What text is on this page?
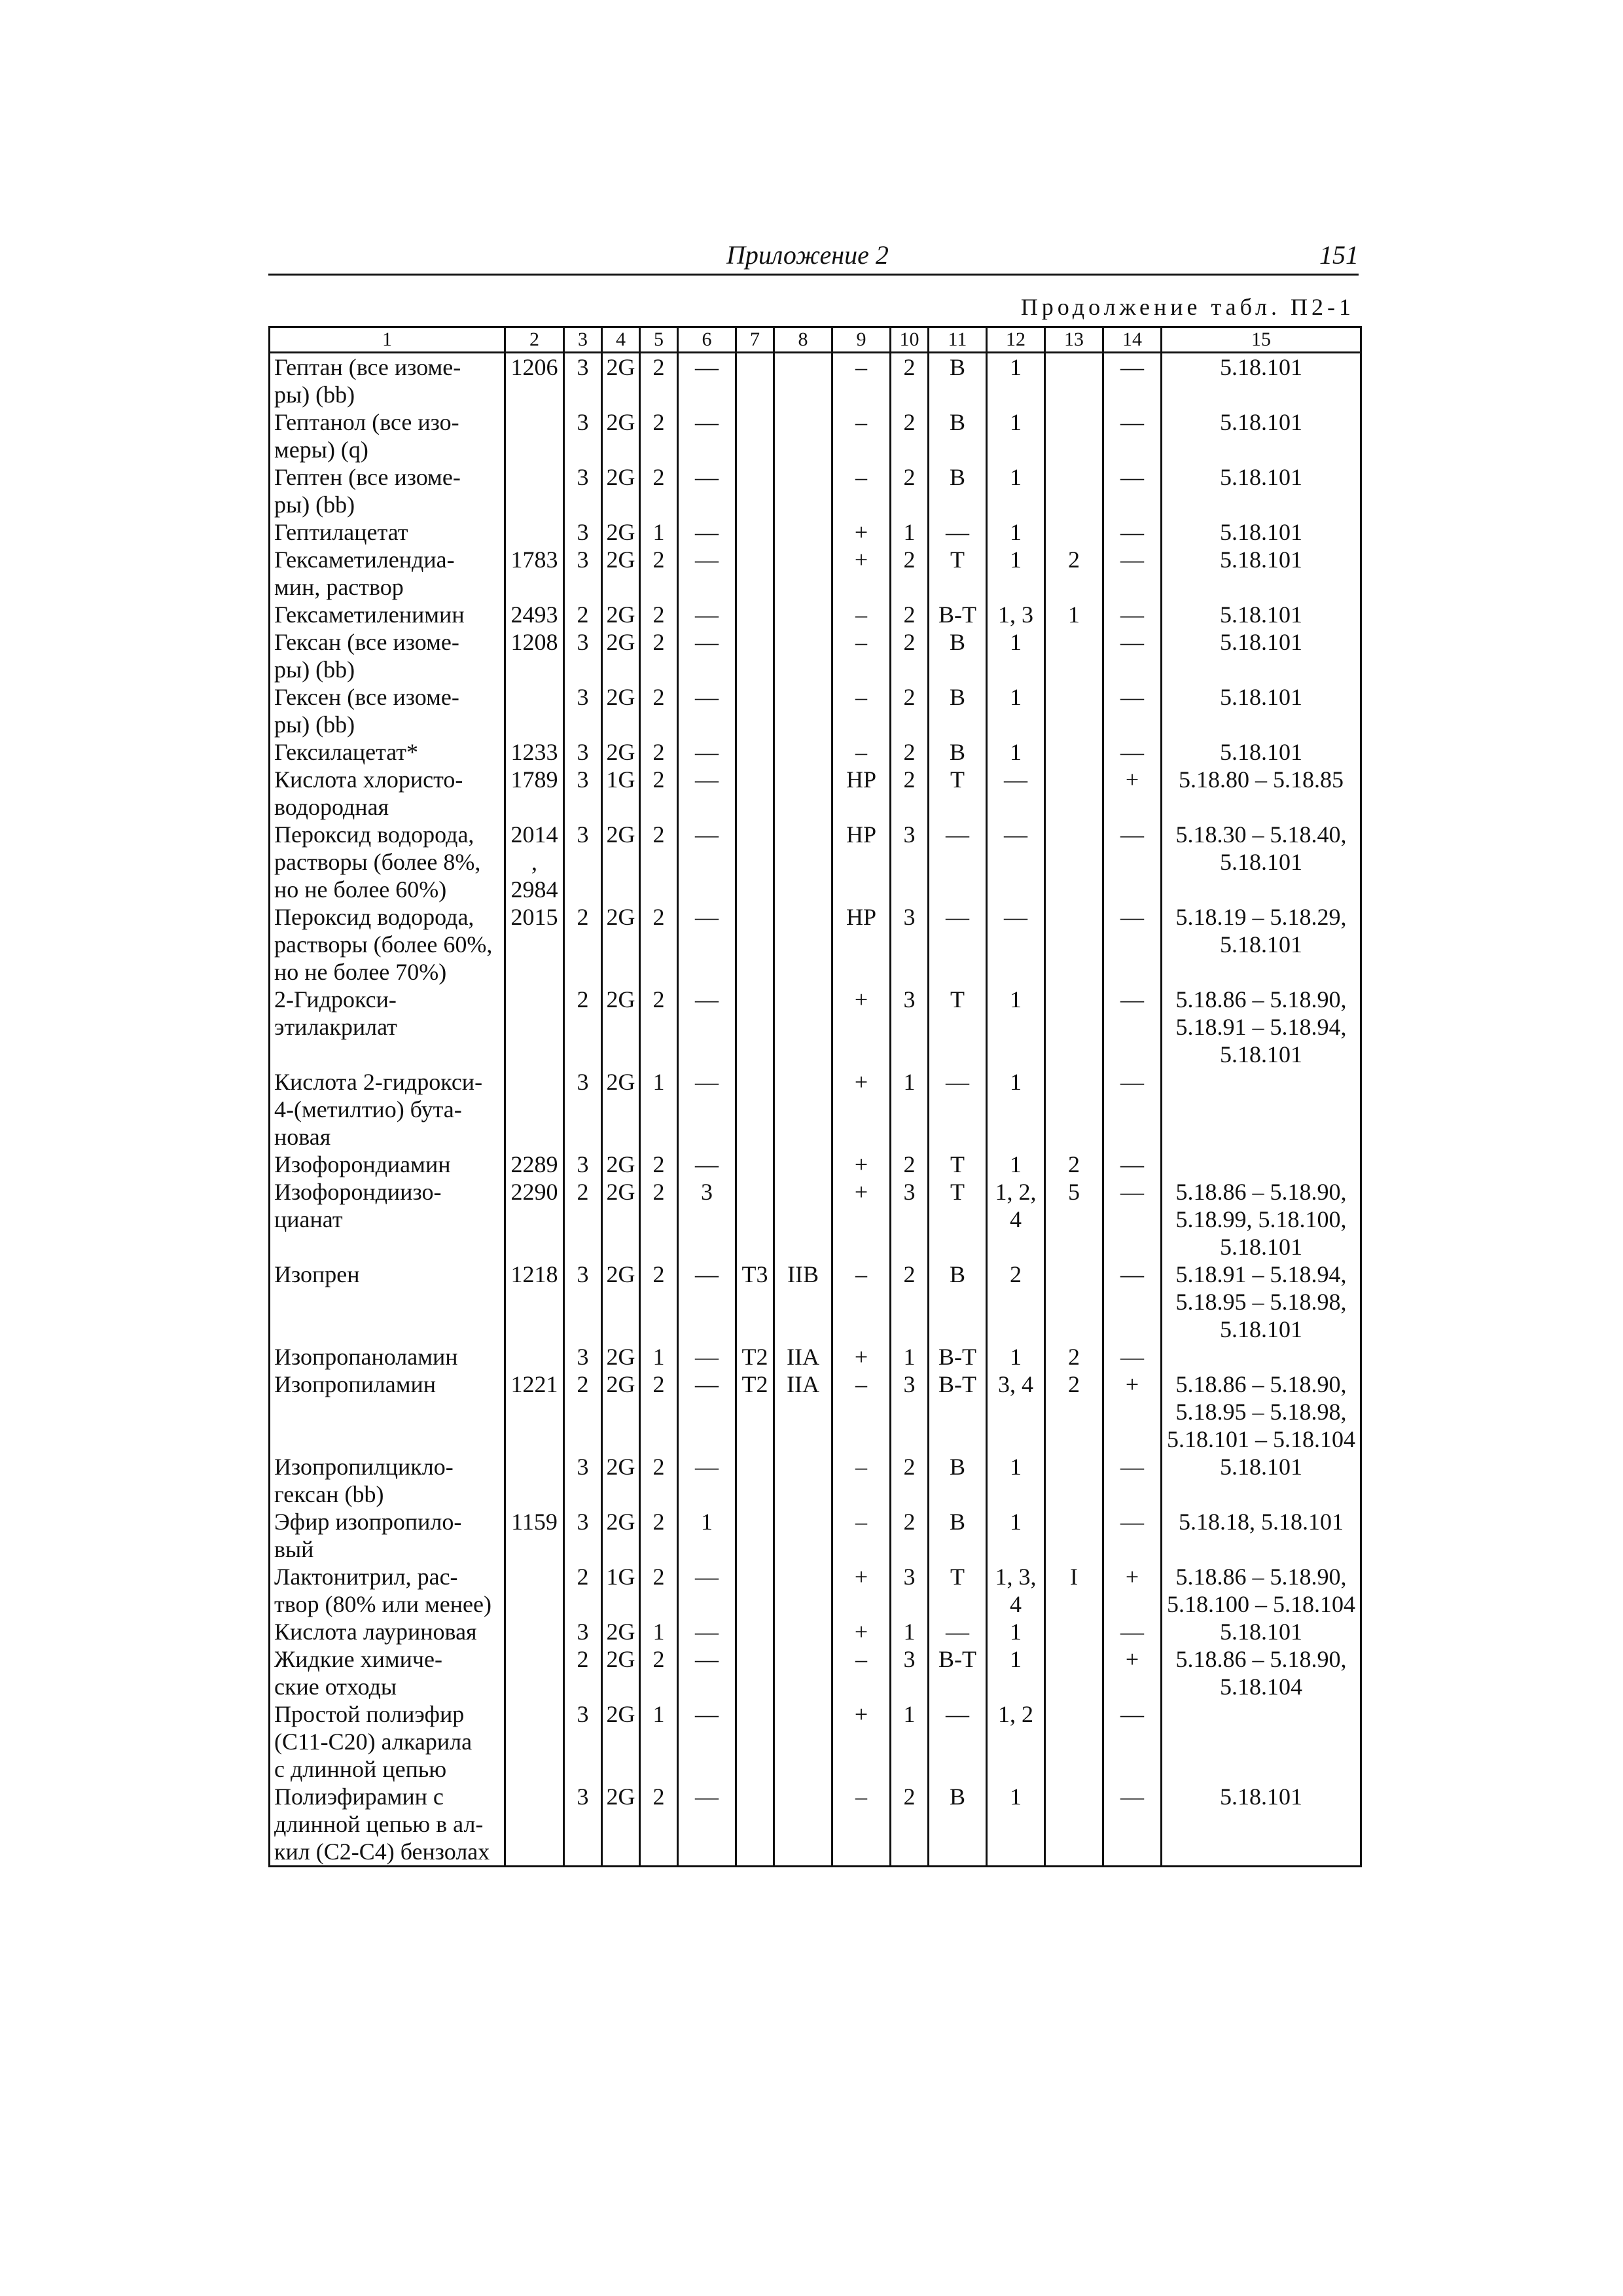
Приложение 2	151
Продолжение табл. П2-1
1	2	3	4	5	6	7	8	9	10	11	12	13	14	15
Гептан (все изоме-
ры) (bb)	1206	3	2G	2	—			–	2	В	1		—	5.18.101
Гептанол (все изо-
меры) (q)		3	2G	2	—			–	2	В	1		—	5.18.101
Гептен (все изоме-
ры) (bb)		3	2G	2	—			–	2	В	1		—	5.18.101
Гептилацетат		3	2G	1	—			+	1	—	1		—	5.18.101
Гексаметилендиа-
мин, раствор	1783	3	2G	2	—			+	2	Т	1	2	—	5.18.101
Гексаметиленимин	2493	2	2G	2	—			–	2	В-Т	1, 3	1	—	5.18.101
Гексан (все изоме-
ры) (bb)	1208	3	2G	2	—			–	2	В	1		—	5.18.101
Гексен (все изоме-
ры) (bb)		3	2G	2	—			–	2	В	1		—	5.18.101
Гексилацетат*	1233	3	2G	2	—			–	2	В	1		—	5.18.101
Кислота хлористо-
водородная	1789	3	1G	2	—			НР	2	Т	—		+	5.18.80 – 5.18.85
Пероксид водорода,
растворы (более 8%,
но не более 60%)	2014
,
2984	3	2G	2	—			НР	3	—	—		—	5.18.30 – 5.18.40,
5.18.101
Пероксид водорода,
растворы (более 60%,
но не более 70%)	2015	2	2G	2	—			НР	3	—	—		—	5.18.19 – 5.18.29,
5.18.101
2-Гидрокси-
этилакрилат		2	2G	2	—			+	3	Т	1		—	5.18.86 – 5.18.90,
5.18.91 – 5.18.94,
5.18.101
Кислота 2-гидрокси-
4-(метилтио) бута-
новая		3	2G	1	—			+	1	—	1		—	
Изофорондиамин	2289	3	2G	2	—			+	2	Т	1	2	—	
Изофорондиизо-
цианат	2290	2	2G	2	3			+	3	Т	1, 2,
4	5	—	5.18.86 – 5.18.90,
5.18.99, 5.18.100,
5.18.101
Изопрен	1218	3	2G	2	—	Т3	IIВ	–	2	В	2		—	5.18.91 – 5.18.94,
5.18.95 – 5.18.98,
5.18.101
Изопропаноламин		3	2G	1	—	Т2	IIА	+	1	В-Т	1	2	—	
Изопропиламин	1221	2	2G	2	—	Т2	IIА	–	3	В-Т	3, 4	2	+	5.18.86 – 5.18.90,
5.18.95 – 5.18.98,
5.18.101 – 5.18.104
Изопропилцикло-
гексан (bb)		3	2G	2	—			–	2	В	1		—	5.18.101
Эфир изопропило-
вый	1159	3	2G	2	1			–	2	В	1		—	5.18.18, 5.18.101
Лактонитрил, рас-
твор (80% или менее)		2	1G	2	—			+	3	Т	1, 3,
4	I	+	5.18.86 – 5.18.90,
5.18.100 – 5.18.104
Кислота лауриновая		3	2G	1	—			+	1	—	1		—	5.18.101
Жидкие химиче-
ские отходы		2	2G	2	—			–	3	В-Т	1		+	5.18.86 – 5.18.90,
5.18.104
Простой полиэфир
(С11-С20) алкарила
с длинной цепью		3	2G	1	—			+	1	—	1, 2		—	
Полиэфирамин с
длинной цепью в ал-
кил (С2-С4) бензолах		3	2G	2	—			–	2	В	1		—	5.18.101
